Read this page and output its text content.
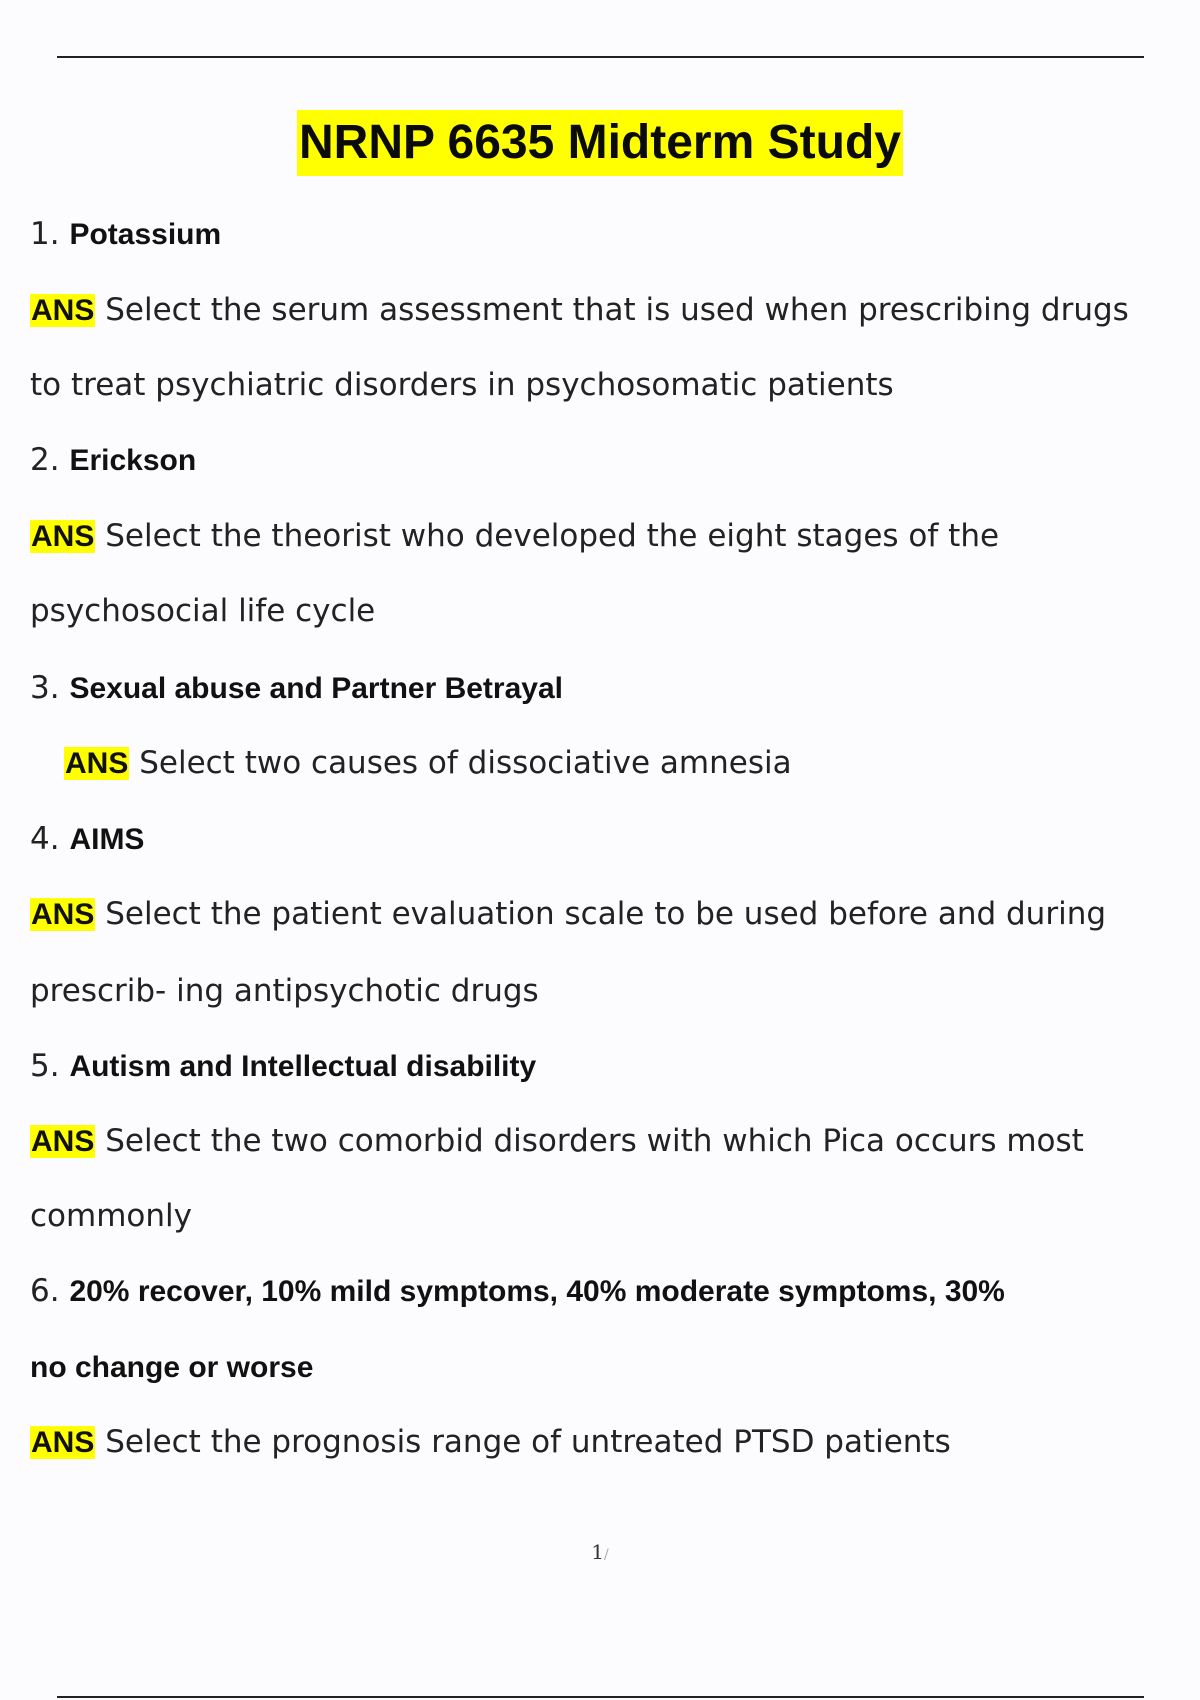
NRNP 6635 Midterm Study
1. Potassium
ANS Select the serum assessment that is used when prescribing drugs
to treat psychiatric disorders in psychosomatic patients
2. Erickson
ANS Select the theorist who developed the eight stages of the
psychosocial life cycle
3. Sexual abuse and Partner Betrayal
ANS Select two causes of dissociative amnesia
4. AIMS
ANS Select the patient evaluation scale to be used before and during
prescrib- ing antipsychotic drugs
5. Autism and Intellectual disability
ANS Select the two comorbid disorders with which Pica occurs most
commonly
6. 20% recover, 10% mild symptoms, 40% moderate symptoms, 30%
no change or worse
ANS Select the prognosis range of untreated PTSD patients
1/
